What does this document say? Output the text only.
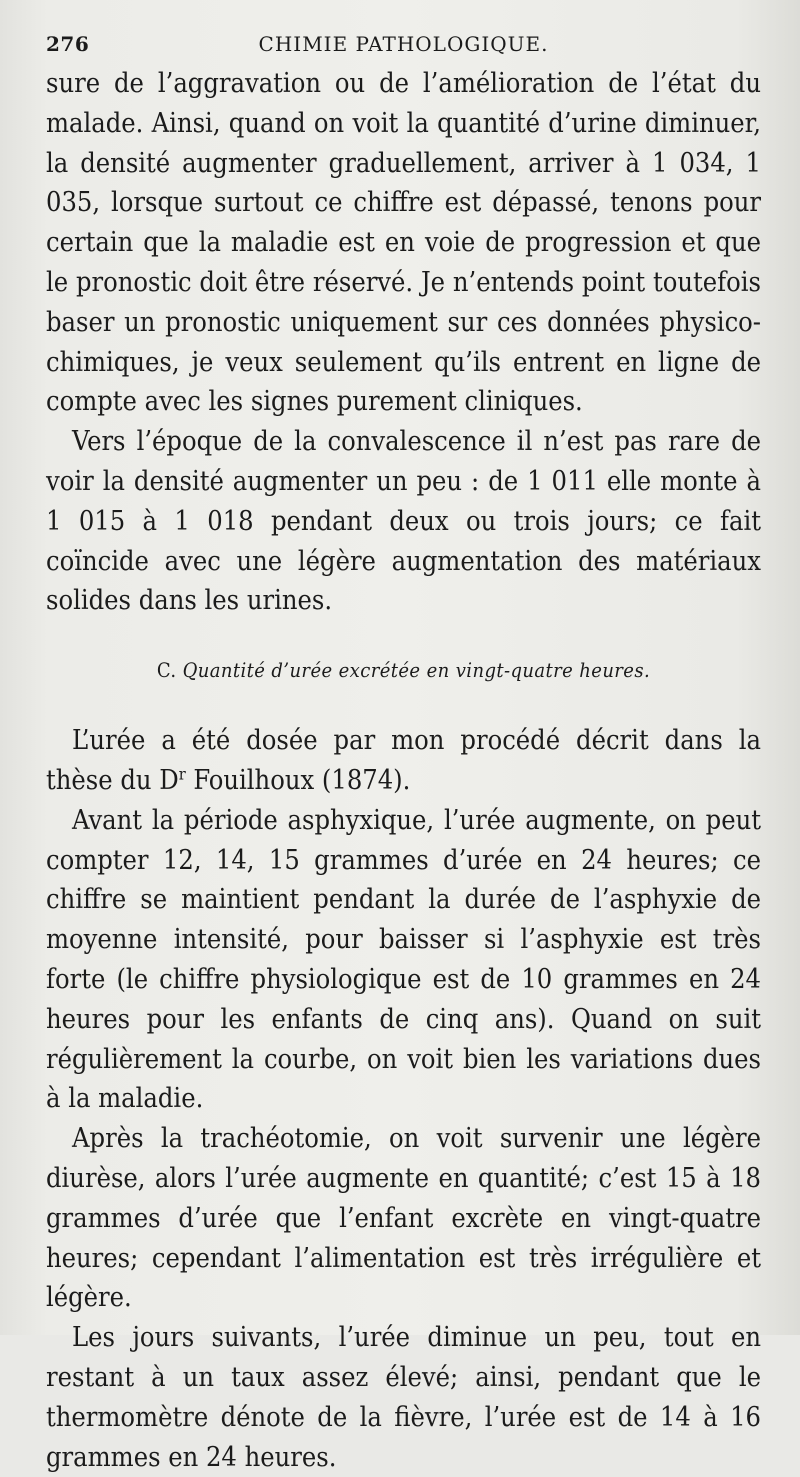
276	CHIMIE PATHOLOGIQUE.

sure de l’aggravation ou de l’amélioration de l’état du malade. Ainsi, quand on voit la quantité d’urine diminuer, la densité augmenter graduellement, arriver à 1 034, 1 035, lorsque surtout ce chiffre est dépassé, tenons pour certain que la maladie est en voie de progression et que le pronostic doit être réservé. Je n’entends point toutefois baser un pronostic uniquement sur ces données physico-chimiques, je veux seulement qu’ils entrent en ligne de compte avec les signes purement cliniques.

Vers l’époque de la convalescence il n’est pas rare de voir la densité augmenter un peu : de 1 011 elle monte à 1 015 à 1 018 pendant deux ou trois jours; ce fait coïncide avec une légère augmentation des matériaux solides dans les urines.

C. Quantité d’urée excrétée en vingt-quatre heures.

L’urée a été dosée par mon procédé décrit dans la thèse du $D^r$ Fouilhoux (1874).

Avant la période asphyxique, l’urée augmente, on peut compter 12, 14, 15 grammes d’urée en 24 heures; ce chiffre se maintient pendant la durée de l’asphyxie de moyenne intensité, pour baisser si l’asphyxie est très forte (le chiffre physiologique est de 10 grammes en 24 heures pour les enfants de cinq ans). Quand on suit régulièrement la courbe, on voit bien les variations dues à la maladie.

Après la trachéotomie, on voit survenir une légère diurèse, alors l’urée augmente en quantité; c’est 15 à 18 grammes d’urée que l’enfant excrète en vingt-quatre heures; cependant l’alimentation est très irrégulière et légère.

Les jours suivants, l’urée diminue un peu, tout en restant à un taux assez élevé; ainsi, pendant que le thermomètre dénote de la fièvre, l’urée est de 14 à 16 grammes en 24 heures.
